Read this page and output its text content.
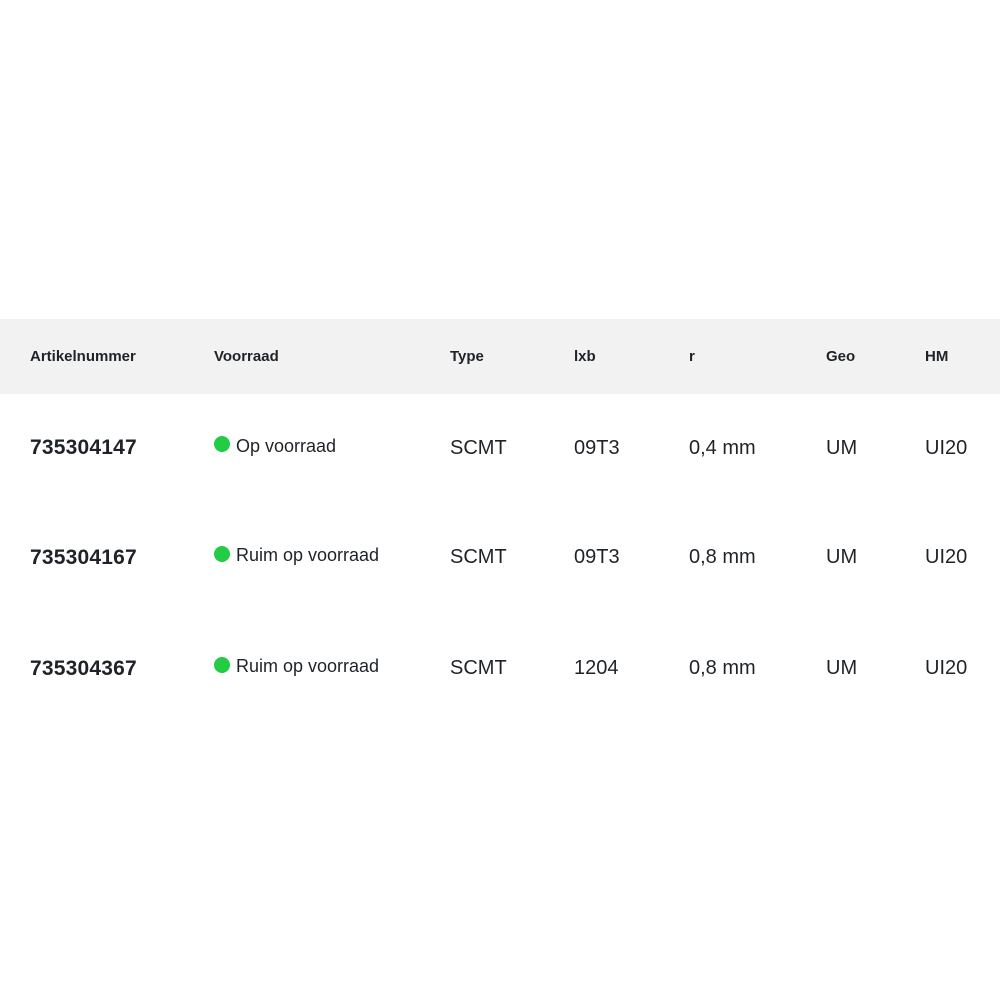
Artikelnummer	Voorraad	Type	lxb	r	Geo	HM
735304147	Op voorraad	SCMT	09T3	0,4 mm	UM	UI20
735304167	Ruim op voorraad	SCMT	09T3	0,8 mm	UM	UI20
735304367	Ruim op voorraad	SCMT	1204	0,8 mm	UM	UI20
